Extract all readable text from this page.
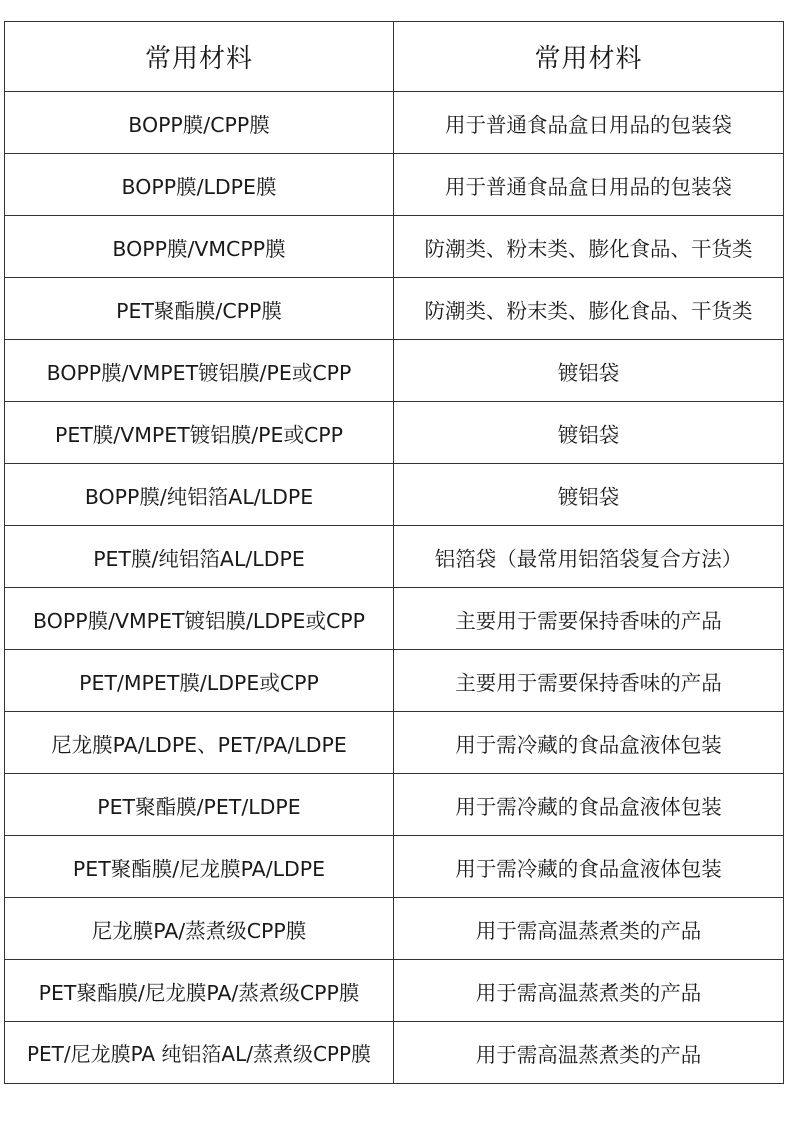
常用材料	常用材料
BOPP膜/CPP膜	用于普通食品盒日用品的包装袋
BOPP膜/LDPE膜	用于普通食品盒日用品的包装袋
BOPP膜/VMCPP膜	防潮类、粉末类、膨化食品、干货类
PET聚酯膜/CPP膜	防潮类、粉末类、膨化食品、干货类
BOPP膜/VMPET镀铝膜/PE或CPP	镀铝袋
PET膜/VMPET镀铝膜/PE或CPP	镀铝袋
BOPP膜/纯铝箔AL/LDPE	镀铝袋
PET膜/纯铝箔AL/LDPE	铝箔袋（最常用铝箔袋复合方法）
BOPP膜/VMPET镀铝膜/LDPE或CPP	主要用于需要保持香味的产品
PET/MPET膜/LDPE或CPP	主要用于需要保持香味的产品
尼龙膜PA/LDPE、PET/PA/LDPE	用于需冷藏的食品盒液体包装
PET聚酯膜/PET/LDPE	用于需冷藏的食品盒液体包装
PET聚酯膜/尼龙膜PA/LDPE	用于需冷藏的食品盒液体包装
尼龙膜PA/蒸煮级CPP膜	用于需高温蒸煮类的产品
PET聚酯膜/尼龙膜PA/蒸煮级CPP膜	用于需高温蒸煮类的产品
PET/尼龙膜PA 纯铝箔AL/蒸煮级CPP膜	用于需高温蒸煮类的产品
